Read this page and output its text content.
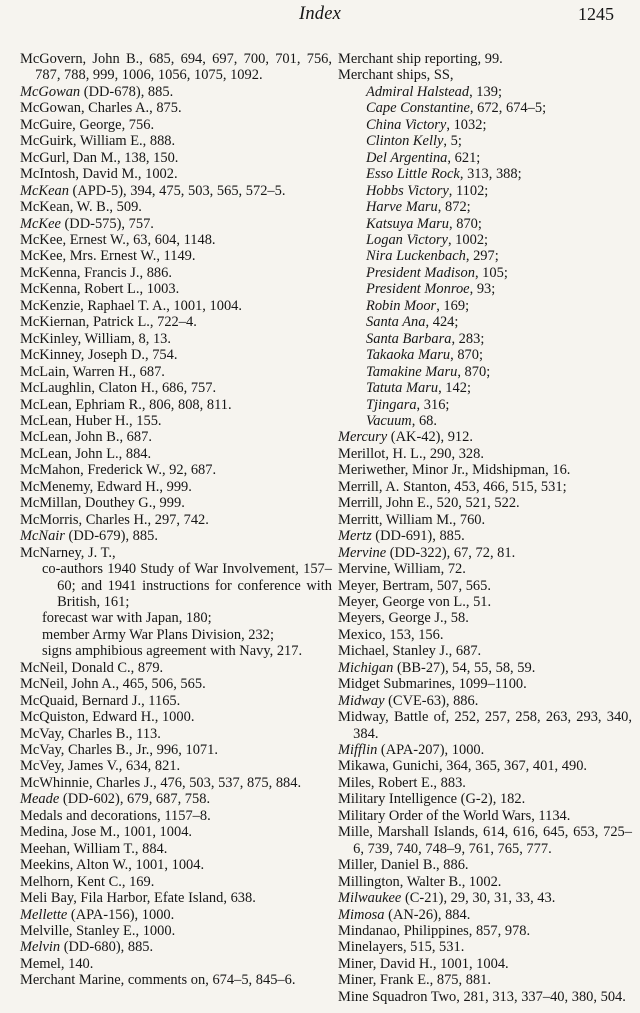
Index	1245
McGovern, John B., 685, 694, 697, 700, 701, 756, 787, 788, 999, 1006, 1056, 1075, 1092.
McGowan (DD-678), 885.
McGowan, Charles A., 875.
McGuire, George, 756.
McGuirk, William E., 888.
McGurl, Dan M., 138, 150.
McIntosh, David M., 1002.
McKean (APD-5), 394, 475, 503, 565, 572–5.
McKean, W. B., 509.
McKee (DD-575), 757.
McKee, Ernest W., 63, 604, 1148.
McKee, Mrs. Ernest W., 1149.
McKenna, Francis J., 886.
McKenna, Robert L., 1003.
McKenzie, Raphael T. A., 1001, 1004.
McKiernan, Patrick L., 722–4.
McKinley, William, 8, 13.
McKinney, Joseph D., 754.
McLain, Warren H., 687.
McLaughlin, Claton H., 686, 757.
McLean, Ephriam R., 806, 808, 811.
McLean, Huber H., 155.
McLean, John B., 687.
McLean, John L., 884.
McMahon, Frederick W., 92, 687.
McMenemy, Edward H., 999.
McMillan, Douthey G., 999.
McMorris, Charles H., 297, 742.
McNair (DD-679), 885.
McNarney, J. T.,
co-authors 1940 Study of War Involvement, 157–60; and 1941 instructions for conference with British, 161;
forecast war with Japan, 180;
member Army War Plans Division, 232;
signs amphibious agreement with Navy, 217.
McNeil, Donald C., 879.
McNeil, John A., 465, 506, 565.
McQuaid, Bernard J., 1165.
McQuiston, Edward H., 1000.
McVay, Charles B., 113.
McVay, Charles B., Jr., 996, 1071.
McVey, James V., 634, 821.
McWhinnie, Charles J., 476, 503, 537, 875, 884.
Meade (DD-602), 679, 687, 758.
Medals and decorations, 1157–8.
Medina, Jose M., 1001, 1004.
Meehan, William T., 884.
Meekins, Alton W., 1001, 1004.
Melhorn, Kent C., 169.
Meli Bay, Fila Harbor, Efate Island, 638.
Mellette (APA-156), 1000.
Melville, Stanley E., 1000.
Melvin (DD-680), 885.
Memel, 140.
Merchant Marine, comments on, 674–5, 845–6.
Merchant ship reporting, 99.
Merchant ships, SS,
Admiral Halstead, 139;
Cape Constantine, 672, 674–5;
China Victory, 1032;
Clinton Kelly, 5;
Del Argentina, 621;
Esso Little Rock, 313, 388;
Hobbs Victory, 1102;
Harve Maru, 872;
Katsuya Maru, 870;
Logan Victory, 1002;
Nira Luckenbach, 297;
President Madison, 105;
President Monroe, 93;
Robin Moor, 169;
Santa Ana, 424;
Santa Barbara, 283;
Takaoka Maru, 870;
Tamakine Maru, 870;
Tatuta Maru, 142;
Tjingara, 316;
Vacuum, 68.
Mercury (AK-42), 912.
Merillot, H. L., 290, 328.
Meriwether, Minor Jr., Midshipman, 16.
Merrill, A. Stanton, 453, 466, 515, 531;
Merrill, John E., 520, 521, 522.
Merritt, William M., 760.
Mertz (DD-691), 885.
Mervine (DD-322), 67, 72, 81.
Mervine, William, 72.
Meyer, Bertram, 507, 565.
Meyer, George von L., 51.
Meyers, George J., 58.
Mexico, 153, 156.
Michael, Stanley J., 687.
Michigan (BB-27), 54, 55, 58, 59.
Midget Submarines, 1099–1100.
Midway (CVE-63), 886.
Midway, Battle of, 252, 257, 258, 263, 293, 340, 384.
Mifflin (APA-207), 1000.
Mikawa, Gunichi, 364, 365, 367, 401, 490.
Miles, Robert E., 883.
Military Intelligence (G-2), 182.
Military Order of the World Wars, 1134.
Mille, Marshall Islands, 614, 616, 645, 653, 725–6, 739, 740, 748–9, 761, 765, 777.
Miller, Daniel B., 886.
Millington, Walter B., 1002.
Milwaukee (C-21), 29, 30, 31, 33, 43.
Mimosa (AN-26), 884.
Mindanao, Philippines, 857, 978.
Minelayers, 515, 531.
Miner, David H., 1001, 1004.
Miner, Frank E., 875, 881.
Mine Squadron Two, 281, 313, 337–40, 380, 504.
